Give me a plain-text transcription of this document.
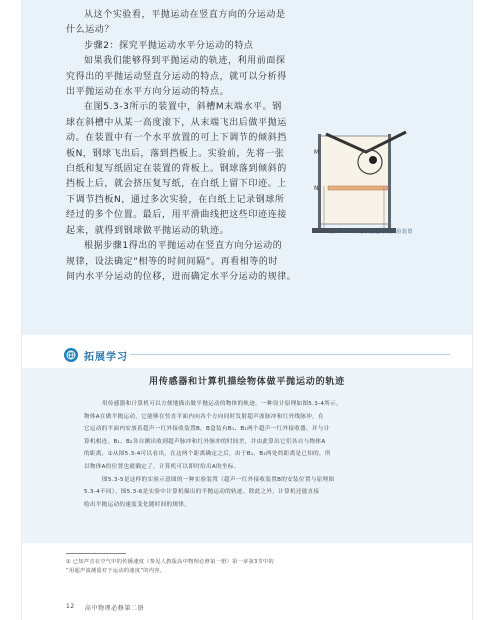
从这个实验看，平抛运动在竖直方向的分运动是
什么运动？
步骤2：探究平抛运动水平分运动的特点
如果我们能够得到平抛运动的轨迹，利用前面探
究得出的平抛运动竖直分运动的特点，就可以分析得
出平抛运动在水平方向分运动的特点。
在图5.3-3所示的装置中，斜槽M末端水平。钢
球在斜槽中从某一高度滚下，从末端飞出后做平抛运
动。在装置中有一个水平放置的可上下调节的倾斜挡
板N，钢球飞出后，落到挡板上。实验前，先将一张
白纸和复写纸固定在装置的背板上。钢球落到倾斜的
挡板上后，就会挤压复写纸，在白纸上留下印迹。上
下调节挡板N，通过多次实验，在白纸上记录钢球所
经过的多个位置。最后，用平滑曲线把这些印迹连接
起来，就得到钢球做平抛运动的轨迹。
根据步骤1得出的平抛运动在竖直方向分运动的
规律，设法确定“相等的时间间隔”。再看相等的时
间内水平分运动的位移，进而确定水平分运动的规律。
M
N
图5.3-3 研究平抛运动的实验装置
拓展学习
用传感器和计算机描绘物体做平抛运动的轨迹
用传感器和计算机可以方便地描出做平抛运动的物体的轨迹。一种设计原理如图5.3-4所示。
物体A在做平抛运动，它能够在竖直平面内向各个方向同时发射超声波脉冲和红外线脉冲，在
它运动的平面内安放着超声一红外接收装置B，B盒装有B₁、B₂两个超声一红外接收器，并与计
算机相连。B₁、B₂各自测出收到超声脉冲和红外脉冲的时间差，并由此算出它们各自与物体A
的距离，①从图5.3-4可以看出，在这两个距离确定之后，由于B₁、B₂两处的距离是已知的，所
以物体A的位置也就确定了。计算机可以即时给出A的坐标。
图5.3-5是这样的实验示意图的一种实验装置（超声一红外接收装置B的安装位置与原理图
5.3-4不同）。图5.3-6是实验中计算机描出的平抛运动的轨迹。除此之外，计算机还能直接
绘出平抛运动的速度变化随时间的规律。
① 已知声音在空气中的传播速度（参见人教版高中物理必修第一册）第一章第3节中的
“用超声波测量对于运动的速度”的内容。
12 高中物理必修第二册
